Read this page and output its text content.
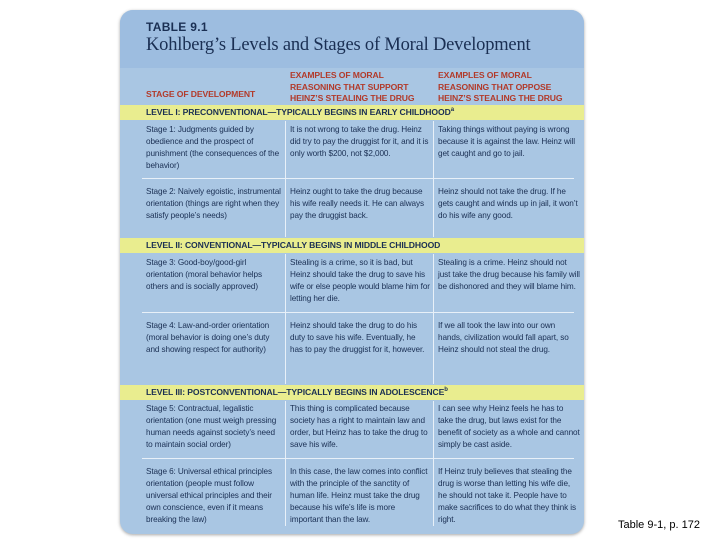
TABLE 9.1
Kohlberg’s Levels and Stages of Moral Development
STAGE OF DEVELOPMENT
EXAMPLES OF MORAL REASONING THAT SUPPORT HEINZ’S STEALING THE DRUG
EXAMPLES OF MORAL REASONING THAT OPPOSE HEINZ’S STEALING THE DRUG
LEVEL I: PRECONVENTIONAL—TYPICALLY BEGINS IN EARLY CHILDHOOD$^a$
LEVEL II: CONVENTIONAL—TYPICALLY BEGINS IN MIDDLE CHILDHOOD
LEVEL III: POSTCONVENTIONAL—TYPICALLY BEGINS IN ADOLESCENCE$^b$
Stage 1: Judgments guided by obedience and the prospect of punishment (the consequences of the behavior)
It is not wrong to take the drug. Heinz did try to pay the druggist for it, and it is only worth $200, not $2,000.
Taking things without paying is wrong because it is against the law. Heinz will get caught and go to jail.
Stage 2: Naively egoistic, instrumental orientation (things are right when they satisfy people’s needs)
Heinz ought to take the drug because his wife really needs it. He can always pay the druggist back.
Heinz should not take the drug. If he gets caught and winds up in jail, it won’t do his wife any good.
Stage 3: Good-boy/good-girl orientation (moral behavior helps others and is socially approved)
Stealing is a crime, so it is bad, but Heinz should take the drug to save his wife or else people would blame him for letting her die.
Stealing is a crime. Heinz should not just take the drug because his family will be dishonored and they will blame him.
Stage 4: Law-and-order orientation (moral behavior is doing one’s duty and showing respect for authority)
Heinz should take the drug to do his duty to save his wife. Eventually, he has to pay the druggist for it, however.
If we all took the law into our own hands, civilization would fall apart, so Heinz should not steal the drug.
Stage 5: Contractual, legalistic orientation (one must weigh pressing human needs against society’s need to maintain social order)
This thing is complicated because society has a right to maintain law and order, but Heinz has to take the drug to save his wife.
I can see why Heinz feels he has to take the drug, but laws exist for the benefit of society as a whole and cannot simply be cast aside.
Stage 6: Universal ethical principles orientation (people must follow universal ethical principles and their own conscience, even if it means breaking the law)
In this case, the law comes into conflict with the principle of the sanctity of human life. Heinz must take the drug because his wife’s life is more important than the law.
If Heinz truly believes that stealing the drug is worse than letting his wife die, he should not take it. People have to make sacrifices to do what they think is right.	Table 9-1, p. 172
